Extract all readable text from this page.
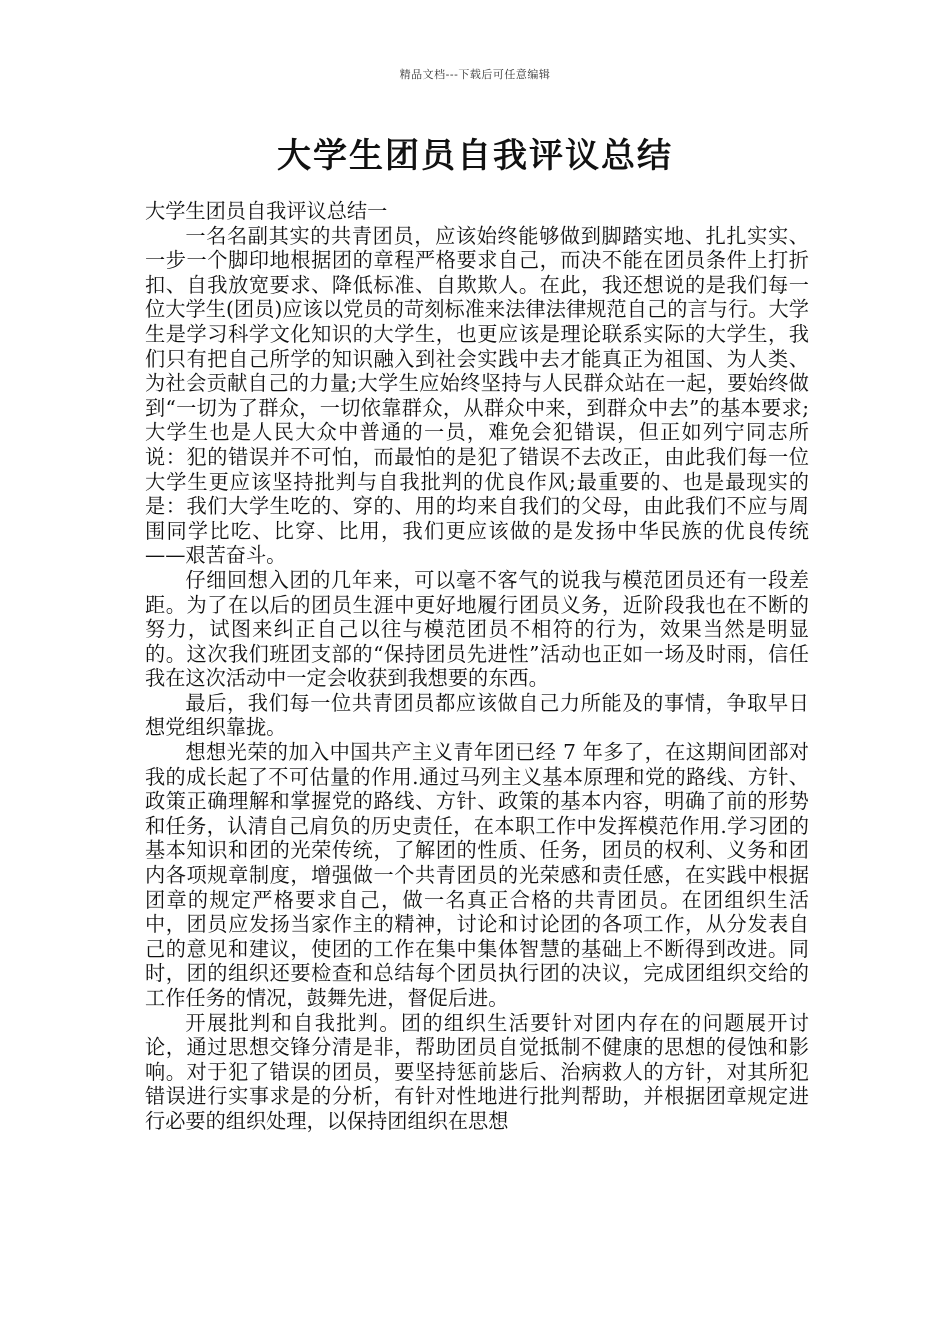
精品文档---下载后可任意编辑
大学生团员自我评议总结

大学生团员自我评议总结一

一名名副其实的共青团员，应该始终能够做到脚踏实地、扎扎实实、一步一个脚印地根据团的章程严格要求自己，而决不能在团员条件上打折扣、自我放宽要求、降低标准、自欺欺人。在此，我还想说的是我们每一位大学生(团员)应该以党员的苛刻标准来法律法律规范自己的言与行。大学生是学习科学文化知识的大学生，也更应该是理论联系实际的大学生，我们只有把自己所学的知识融入到社会实践中去才能真正为祖国、为人类、为社会贡献自己的力量;大学生应始终坚持与人民群众站在一起，要始终做到“一切为了群众，一切依靠群众，从群众中来，到群众中去”的基本要求;大学生也是人民大众中普通的一员，难免会犯错误，但正如列宁同志所说：犯的错误并不可怕，而最怕的是犯了错误不去改正，由此我们每一位大学生更应该坚持批判与自我批判的优良作风;最重要的、也是最现实的是：我们大学生吃的、穿的、用的均来自我们的父母，由此我们不应与周围同学比吃、比穿、比用，我们更应该做的是发扬中华民族的优良传统——艰苦奋斗。

仔细回想入团的几年来，可以毫不客气的说我与模范团员还有一段差距。为了在以后的团员生涯中更好地履行团员义务，近阶段我也在不断的努力，试图来纠正自己以往与模范团员不相符的行为，效果当然是明显的。这次我们班团支部的“保持团员先进性”活动也正如一场及时雨，信任我在这次活动中一定会收获到我想要的东西。

最后，我们每一位共青团员都应该做自己力所能及的事情，争取早日想党组织靠拢。

想想光荣的加入中国共产主义青年团已经 7 年多了，在这期间团部对我的成长起了不可估量的作用.通过马列主义基本原理和党的路线、方针、政策正确理解和掌握党的路线、方针、政策的基本内容，明确了前的形势和任务，认清自己肩负的历史责任，在本职工作中发挥模范作用.学习团的基本知识和团的光荣传统，了解团的性质、任务，团员的权利、义务和团内各项规章制度，增强做一个共青团员的光荣感和责任感，在实践中根据团章的规定严格要求自己，做一名真正合格的共青团员。在团组织生活中，团员应发扬当家作主的精神，讨论和讨论团的各项工作，从分发表自己的意见和建议，使团的工作在集中集体智慧的基础上不断得到改进。同时，团的组织还要检查和总结每个团员执行团的决议，完成团组织交给的工作任务的情况，鼓舞先进，督促后进。

开展批判和自我批判。团的组织生活要针对团内存在的问题展开讨论，通过思想交锋分清是非，帮助团员自觉抵制不健康的思想的侵蚀和影响。对于犯了错误的团员，要坚持惩前毖后、治病救人的方针，对其所犯错误进行实事求是的分析，有针对性地进行批判帮助，并根据团章规定进行必要的组织处理，以保持团组织在思想
